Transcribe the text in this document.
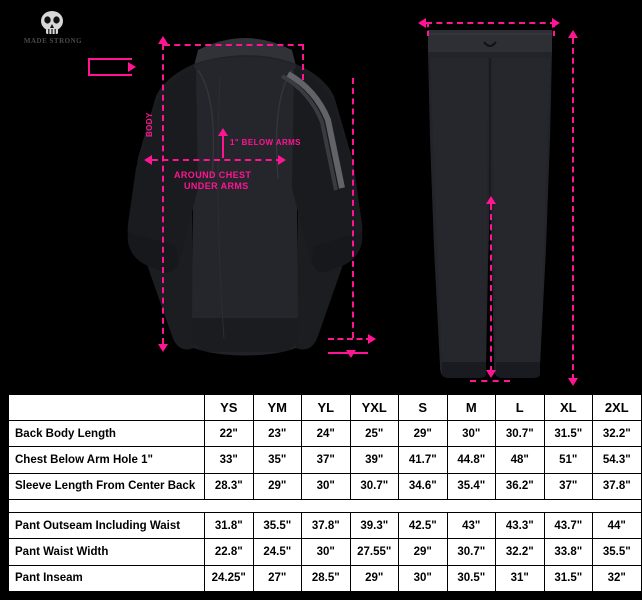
MADE STRONG
BODY
1" BELOW ARMS
AROUND CHEST
UNDER ARMS
	YS	YM	YL	YXL	S	M	L	XL	2XL
Back Body Length	22"	23"	24"	25"	29"	30"	30.7"	31.5"	32.2"
Chest Below Arm Hole 1"	33"	35"	37"	39"	41.7"	44.8"	48"	51"	54.3"
Sleeve Length From Center Back	28.3"	29"	30"	30.7"	34.6"	35.4"	36.2"	37"	37.8"

Pant Outseam Including Waist	31.8"	35.5"	37.8"	39.3"	42.5"	43"	43.3"	43.7"	44"
Pant Waist Width	22.8"	24.5"	30"	27.55"	29"	30.7"	32.2"	33.8"	35.5"
Pant Inseam	24.25"	27"	28.5"	29"	30"	30.5"	31"	31.5"	32"
